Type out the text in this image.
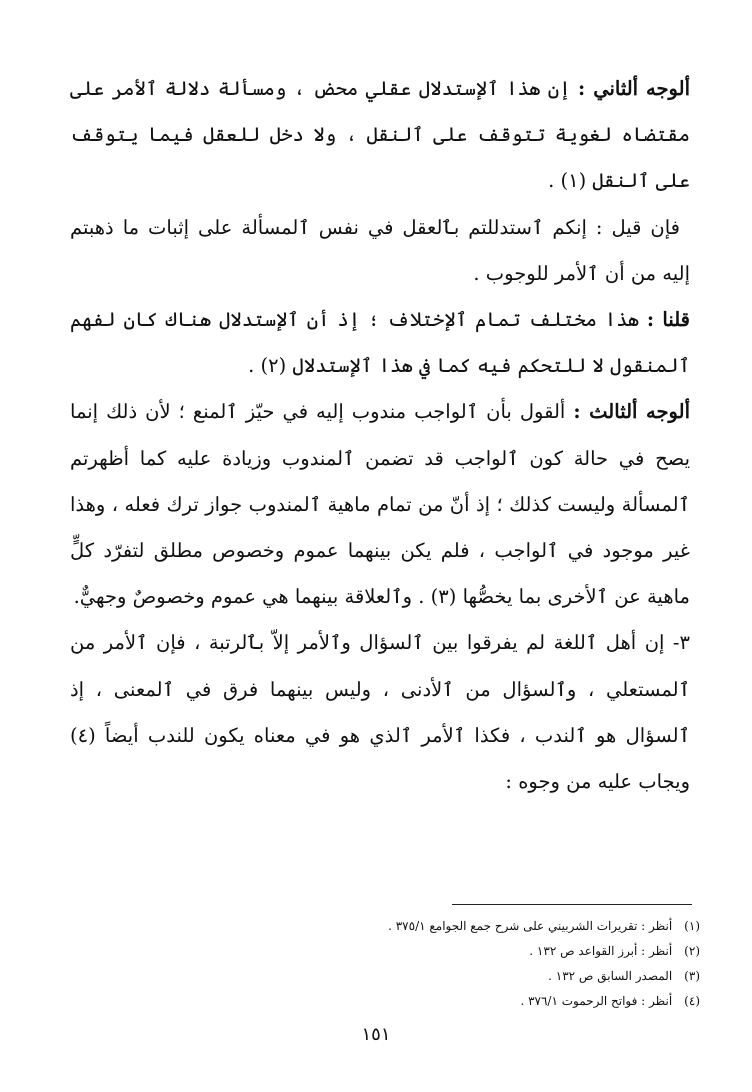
ألوجه ألثاني : إن هذا ٱلإستدلال عقلي محض ، ومسألة دلالة ٱلأمر على مقتضاه لغوية تتوقف على ٱلنقل ، ولا دخل للعقل فيما يتوقف على ٱلنقل (١) .

فإن قيل : إنكم ٱستدللتم بٱلعقل في نفس ٱلمسألة على إثبات ما ذهبتم إليه من أن ٱلأمر للوجوب .

قلنا : هذا مختلف تمام ٱلإختلاف ؛ إذ أن ٱلإستدلال هناك كان لفهم ٱلمنقول لا للتحكم فيه كما في هذا ٱلإستدلال (٢) .

ألوجه ألثالث : ألقول بأن ٱلواجب مندوب إليه في حيّز ٱلمنع ؛ لأن ذلك إنما يصح في حالة كون ٱلواجب قد تضمن ٱلمندوب وزيادة عليه كما أظهرتم ٱلمسألة وليست كذلك ؛ إذ أنّ من تمام ماهية ٱلمندوب جواز ترك فعله ، وهذا غير موجود في ٱلواجب ، فلم يكن بينهما عموم وخصوص مطلق لتفرّد كلٍّ ماهية عن ٱلأخرى بما يخصُّها (٣) . وٱلعلاقة بينهما هي عموم وخصوصٌ وجهيٌّ.

٣- إن أهل ٱللغة لم يفرقوا بين ٱلسؤال وٱلأمر إلاّ بٱلرتبة ، فإن ٱلأمر من ٱلمستعلي ، وٱلسؤال من ٱلأدنى ، وليس بينهما فرق في ٱلمعنى ، إذ ٱلسؤال هو ٱلندب ، فكذا ٱلأمر ٱلذي هو في معناه يكون للندب أيضاً (٤) ويجاب عليه من وجوه :

(١) أنظر : تقريرات الشربيني على شرح جمع الجوامع ٣٧٥/١ .
(٢) أنظر : أبرز القواعد ص ١٣٢ .
(٣) المصدر السابق ص ١٣٢ .
(٤) أنظر : فواتح الرحموت ٣٧٦/١ .
١٥١
